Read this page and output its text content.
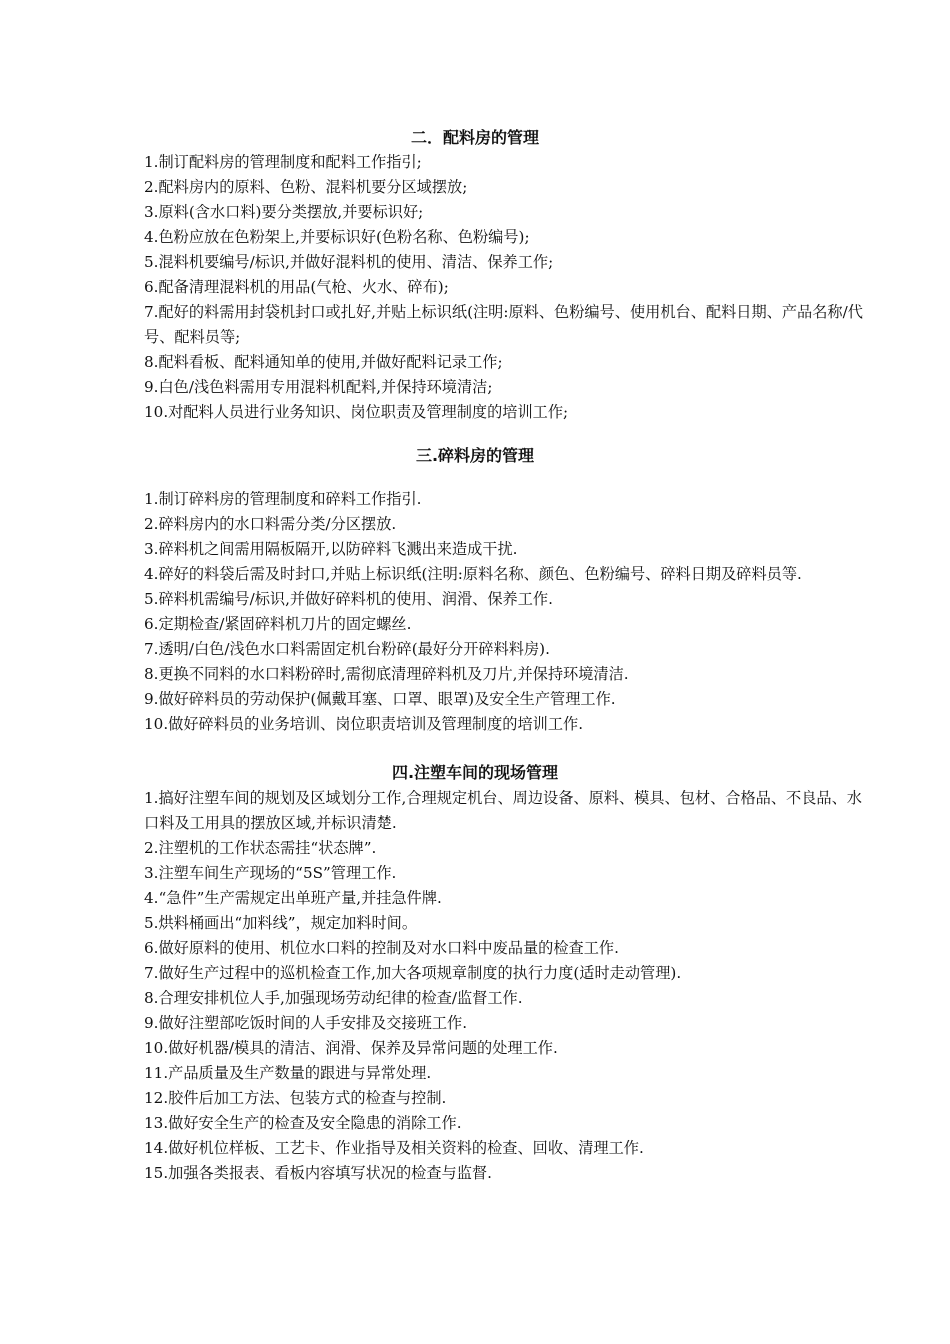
二．配料房的管理
1.制订配料房的管理制度和配料工作指引;
2.配料房内的原料、色粉、混料机要分区域摆放;
3.原料(含水口料)要分类摆放,并要标识好;
4.色粉应放在色粉架上,并要标识好(色粉名称、色粉编号);
5.混料机要编号/标识,并做好混料机的使用、清洁、保养工作;
6.配备清理混料机的用品(气枪、火水、碎布);
7.配好的料需用封袋机封口或扎好,并贴上标识纸(注明:原料、色粉编号、使用机台、配料日期、产品名称/代号、配料员等;
8.配料看板、配料通知单的使用,并做好配料记录工作;
9.白色/浅色料需用专用混料机配料,并保持环境清洁;
10.对配料人员进行业务知识、岗位职责及管理制度的培训工作;
三.碎料房的管理
1.制订碎料房的管理制度和碎料工作指引.
2.碎料房内的水口料需分类/分区摆放.
3.碎料机之间需用隔板隔开,以防碎料飞溅出来造成干扰.
4.碎好的料袋后需及时封口,并贴上标识纸(注明:原料名称、颜色、色粉编号、碎料日期及碎料员等.
5.碎料机需编号/标识,并做好碎料机的使用、润滑、保养工作.
6.定期检查/紧固碎料机刀片的固定螺丝.
7.透明/白色/浅色水口料需固定机台粉碎(最好分开碎料料房).
8.更换不同料的水口料粉碎时,需彻底清理碎料机及刀片,并保持环境清洁.
9.做好碎料员的劳动保护(佩戴耳塞、口罩、眼罩)及安全生产管理工作.
10.做好碎料员的业务培训、岗位职责培训及管理制度的培训工作.
四.注塑车间的现场管理
1.搞好注塑车间的规划及区域划分工作,合理规定机台、周边设备、原料、模具、包材、合格品、不良品、水口料及工用具的摆放区域,并标识清楚.
2.注塑机的工作状态需挂“状态牌”.
3.注塑车间生产现场的“5S”管理工作.
4.“急件”生产需规定出单班产量,并挂急件牌.
5.烘料桶画出“加料线”，规定加料时间。
6.做好原料的使用、机位水口料的控制及对水口料中废品量的检查工作.
7.做好生产过程中的巡机检查工作,加大各项规章制度的执行力度(适时走动管理).
8.合理安排机位人手,加强现场劳动纪律的检查/监督工作.
9.做好注塑部吃饭时间的人手安排及交接班工作.
10.做好机器/模具的清洁、润滑、保养及异常问题的处理工作.
11.产品质量及生产数量的跟进与异常处理.
12.胶件后加工方法、包装方式的检查与控制.
13.做好安全生产的检查及安全隐患的消除工作.
14.做好机位样板、工艺卡、作业指导及相关资料的检查、回收、清理工作.
15.加强各类报表、看板内容填写状况的检查与监督.
